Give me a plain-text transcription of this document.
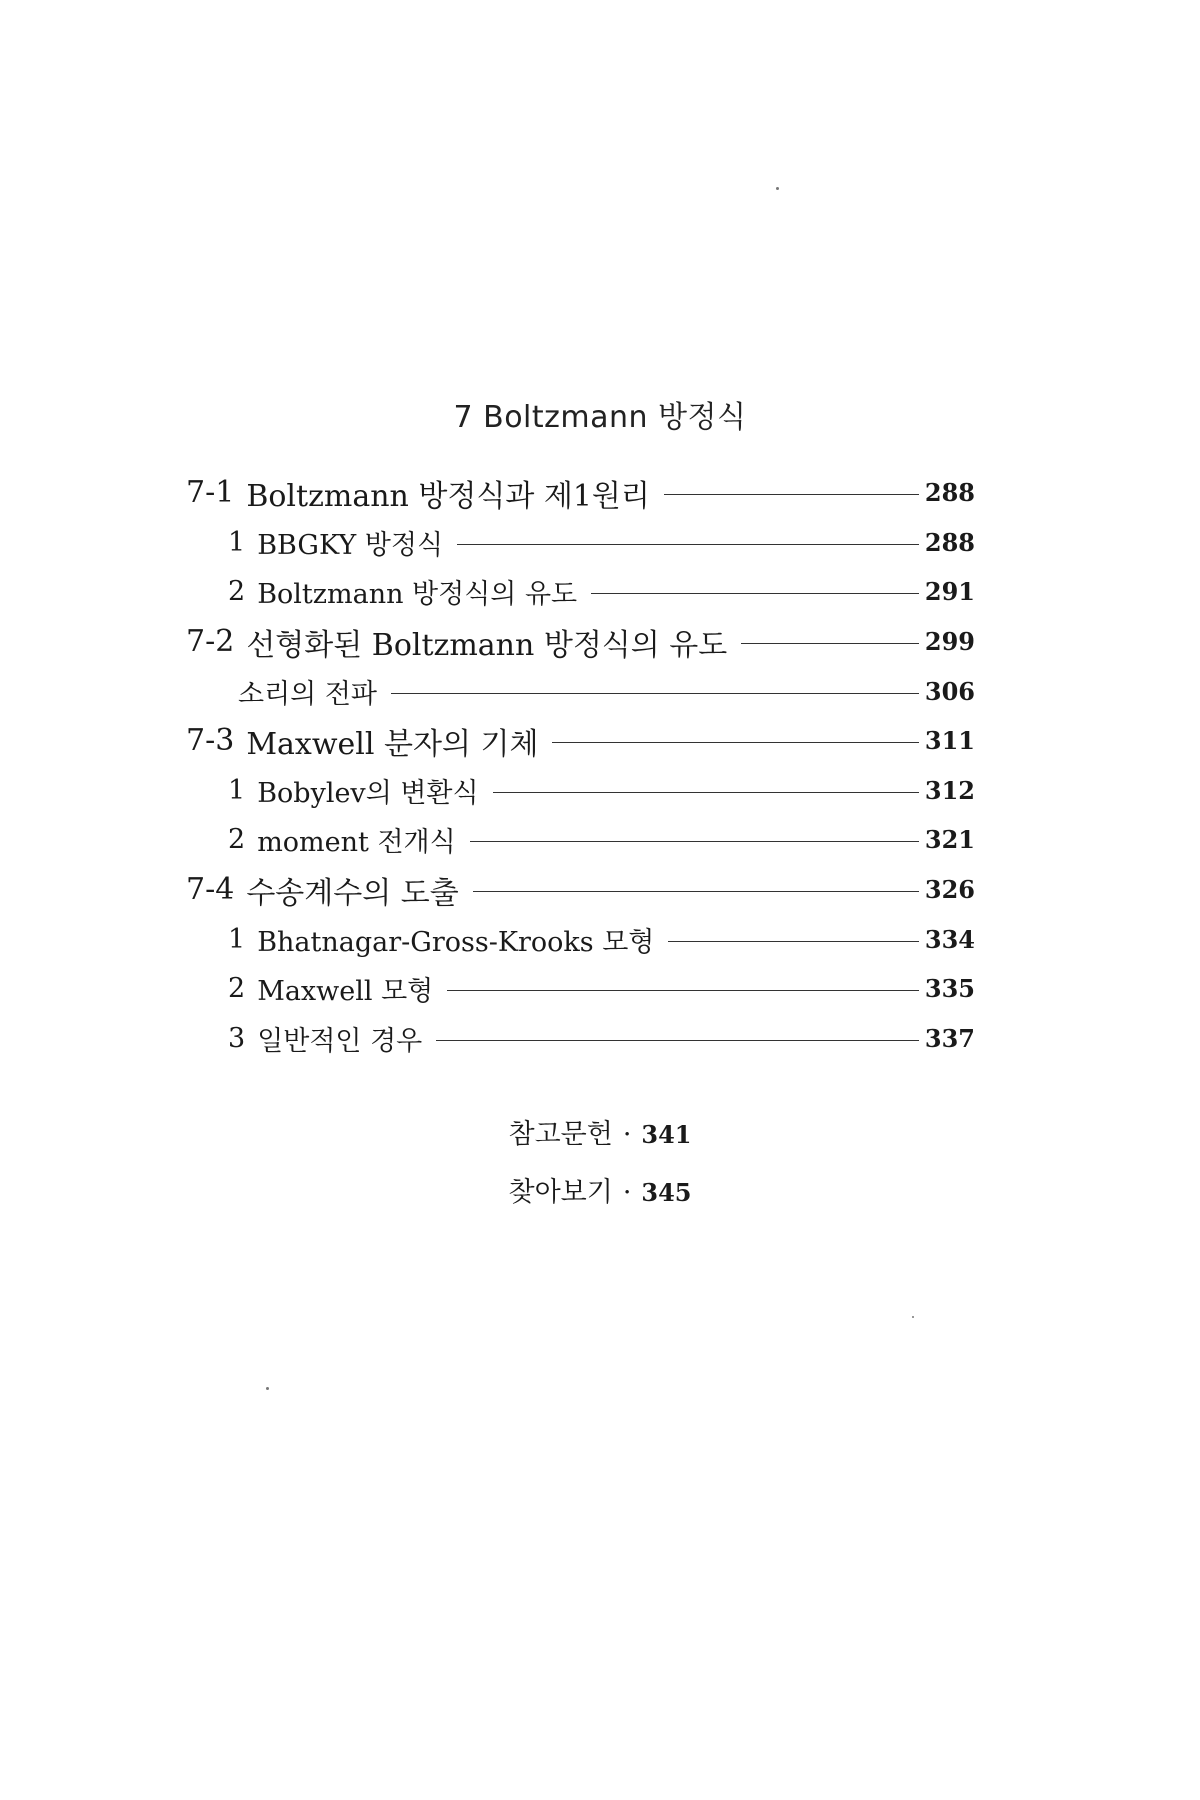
7 Boltzmann 방정식
7-1 Boltzmann 방정식과 제1원리	288
1 BBGKY 방정식	288
2 Boltzmann 방정식의 유도	291
7-2 선형화된 Boltzmann 방정식의 유도	299
소리의 전파	306
7-3 Maxwell 분자의 기체	311
1 Bobylev의 변환식	312
2 moment 전개식	321
7-4 수송계수의 도출	326
1 Bhatnagar-Gross-Krooks 모형	334
2 Maxwell 모형	335
3 일반적인 경우	337
참고문헌 · 341
찾아보기 · 345
